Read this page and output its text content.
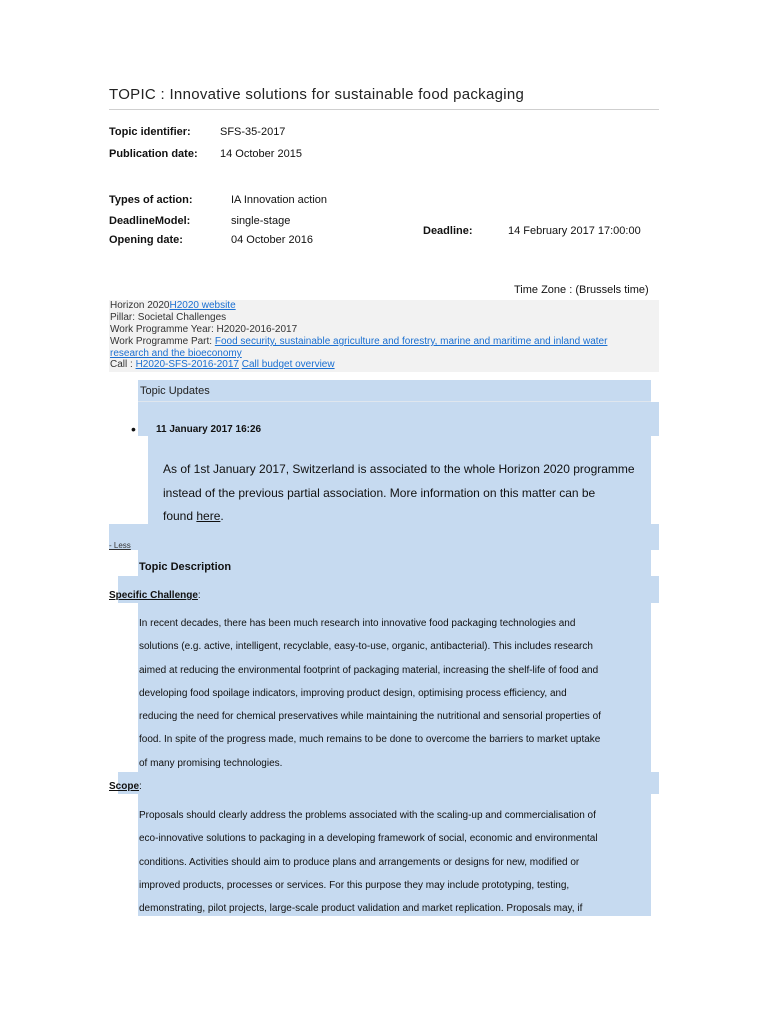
TOPIC : Innovative solutions for sustainable food packaging
Topic identifier:	SFS-35-2017
Publication date: 14 October 2015
Types of action:	IA Innovation action
DeadlineModel:	single-stage
Opening date:	04 October 2016
Deadline:	14 February 2017 17:00:00
Time Zone : (Brussels time)
Horizon 2020H2020 website
Pillar: Societal Challenges
Work Programme Year: H2020-2016-2017
Work Programme Part: Food security, sustainable agriculture and forestry, marine and maritime and inland water
research and the bioeconomy
Call : H2020-SFS-2016-2017 Call budget overview
Topic Updates
• 11 January 2017 16:26
As of 1st January 2017, Switzerland is associated to the whole Horizon 2020 programme
instead of the previous partial association. More information on this matter can be
found here.
- Less
Topic Description
Specific Challenge:
In recent decades, there has been much research into innovative food packaging technologies and
solutions (e.g. active, intelligent, recyclable, easy-to-use, organic, antibacterial). This includes research
aimed at reducing the environmental footprint of packaging material, increasing the shelf-life of food and
developing food spoilage indicators, improving product design, optimising process efficiency, and
reducing the need for chemical preservatives while maintaining the nutritional and sensorial properties of
food. In spite of the progress made, much remains to be done to overcome the barriers to market uptake
of many promising technologies.
Scope:
Proposals should clearly address the problems associated with the scaling-up and commercialisation of
eco-innovative solutions to packaging in a developing framework of social, economic and environmental
conditions. Activities should aim to produce plans and arrangements or designs for new, modified or
improved products, processes or services. For this purpose they may include prototyping, testing,
demonstrating, pilot projects, large-scale product validation and market replication. Proposals may, if
